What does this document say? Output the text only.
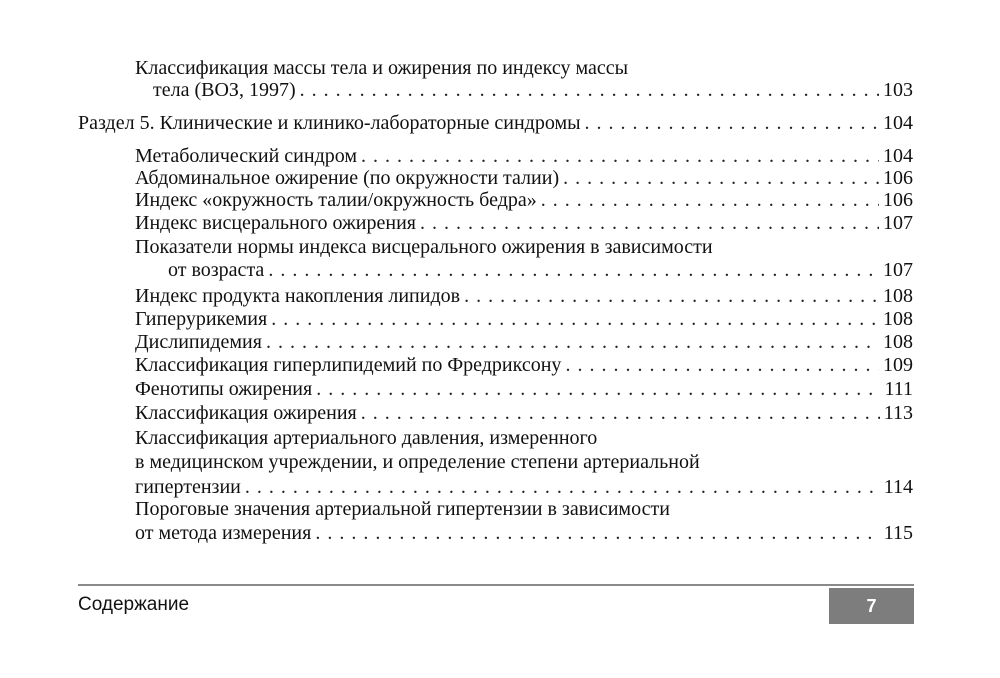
Классификация массы тела и ожирения по индексу массы
тела (ВОЗ, 1997) . . .	103
Раздел 5. Клинические и клинико-лабораторные синдромы . . .	104
Метаболический синдром . . .	104
Абдоминальное ожирение (по окружности талии) . . .	106
Индекс «окружность талии/окружность бедра» . . .	106
Индекс висцерального ожирения . . .	107
Показатели нормы индекса висцерального ожирения в зависимости
от возраста . . .	107
Индекс продукта накопления липидов . . .	108
Гиперурикемия . . .	108
Дислипидемия . . .	108
Классификация гиперлипидемий по Фредриксону . . .	109
Фенотипы ожирения . . .	111
Классификация ожирения . . .	113
Классификация артериального давления, измеренного
в медицинском учреждении, и определение степени артериальной
гипертензии . . .	114
Пороговые значения артериальной гипертензии в зависимости
от метода измерения . . .	115
Содержание	7
